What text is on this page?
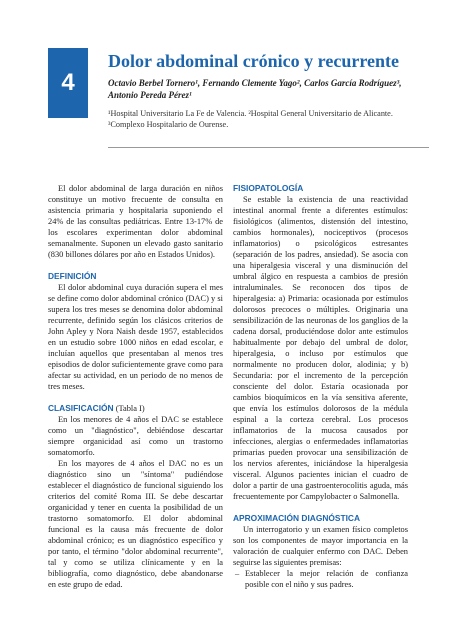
4
Dolor abdominal crónico y recurrente
Octavio Berbel Tornero¹, Fernando Clemente Yago², Carlos García Rodríguez³, Antonio Pereda Pérez¹
¹Hospital Universitario La Fe de Valencia. ²Hospital General Universitario de Alicante. ³Complexo Hospitalario de Ourense.

El dolor abdominal de larga duración en niños constituye un motivo frecuente de consulta en asistencia primaria y hospitalaria suponiendo el 24% de las consultas pediátricas. Entre 13-17% de los escolares experimentan dolor abdominal semanalmente. Suponen un elevado gasto sanitario (830 billones dólares por año en Estados Unidos).

DEFINICIÓN

El dolor abdominal cuya duración supera el mes se define como dolor abdominal crónico (DAC) y si supera los tres meses se denomina dolor abdominal recurrente, definido según los clásicos criterios de John Apley y Nora Naish desde 1957, establecidos en un estudio sobre 1000 niños en edad escolar, e incluían aquellos que presentaban al menos tres episodios de dolor suficientemente grave como para afectar su actividad, en un periodo de no menos de tres meses.

CLASIFICACIÓN (Tabla I)

En los menores de 4 años el DAC se establece como un "diagnóstico", debiéndose descartar siempre organicidad así como un trastorno somatomorfo.

En los mayores de 4 años el DAC no es un diagnóstico sino un "síntoma" pudiéndose establecer el diagnóstico de funcional siguiendo los criterios del comité Roma III. Se debe descartar organicidad y tener en cuenta la posibilidad de un trastorno somatomorfo. El dolor abdominal funcional es la causa más frecuente de dolor abdominal crónico; es un diagnóstico específico y por tanto, el término "dolor abdominal recurrente", tal y como se utiliza clínicamente y en la bibliografía, como diagnóstico, debe abandonarse en este grupo de edad.

FISIOPATOLOGÍA

Se estable la existencia de una reactividad intestinal anormal frente a diferentes estímulos: fisiológicos (alimentos, distensión del intestino, cambios hormonales), nociceptivos (procesos inflamatorios) o psicológicos estresantes (separación de los padres, ansiedad). Se asocia con una hiperalgesia visceral y una disminución del umbral álgico en respuesta a cambios de presión intraluminales. Se reconocen dos tipos de hiperalgesia: a) Primaria: ocasionada por estímulos dolorosos precoces o múltiples. Originaria una sensibilización de las neuronas de los ganglios de la cadena dorsal, produciéndose dolor ante estímulos habitualmente por debajo del umbral de dolor, hiperalgesia, o incluso por estímulos que normalmente no producen dolor, alodinia; y b) Secundaria: por el incremento de la percepción consciente del dolor. Estaría ocasionada por cambios bioquímicos en la vía sensitiva aferente, que envía los estímulos dolorosos de la médula espinal a la corteza cerebral. Los procesos inflamatorios de la mucosa causados por infecciones, alergias o enfermedades inflamatorias primarias pueden provocar una sensibilización de los nervios aferentes, iniciándose la hiperalgesia visceral. Algunos pacientes inician el cuadro de dolor a partir de una gastroenterocolitis aguda, más frecuentemente por Campylobacter o Salmonella.

APROXIMACIÓN DIAGNÓSTICA

Un interrogatorio y un examen físico completos son los componentes de mayor importancia en la valoración de cualquier enfermo con DAC. Deben seguirse las siguientes premisas:

– Establecer la mejor relación de confianza posible con el niño y sus padres.
